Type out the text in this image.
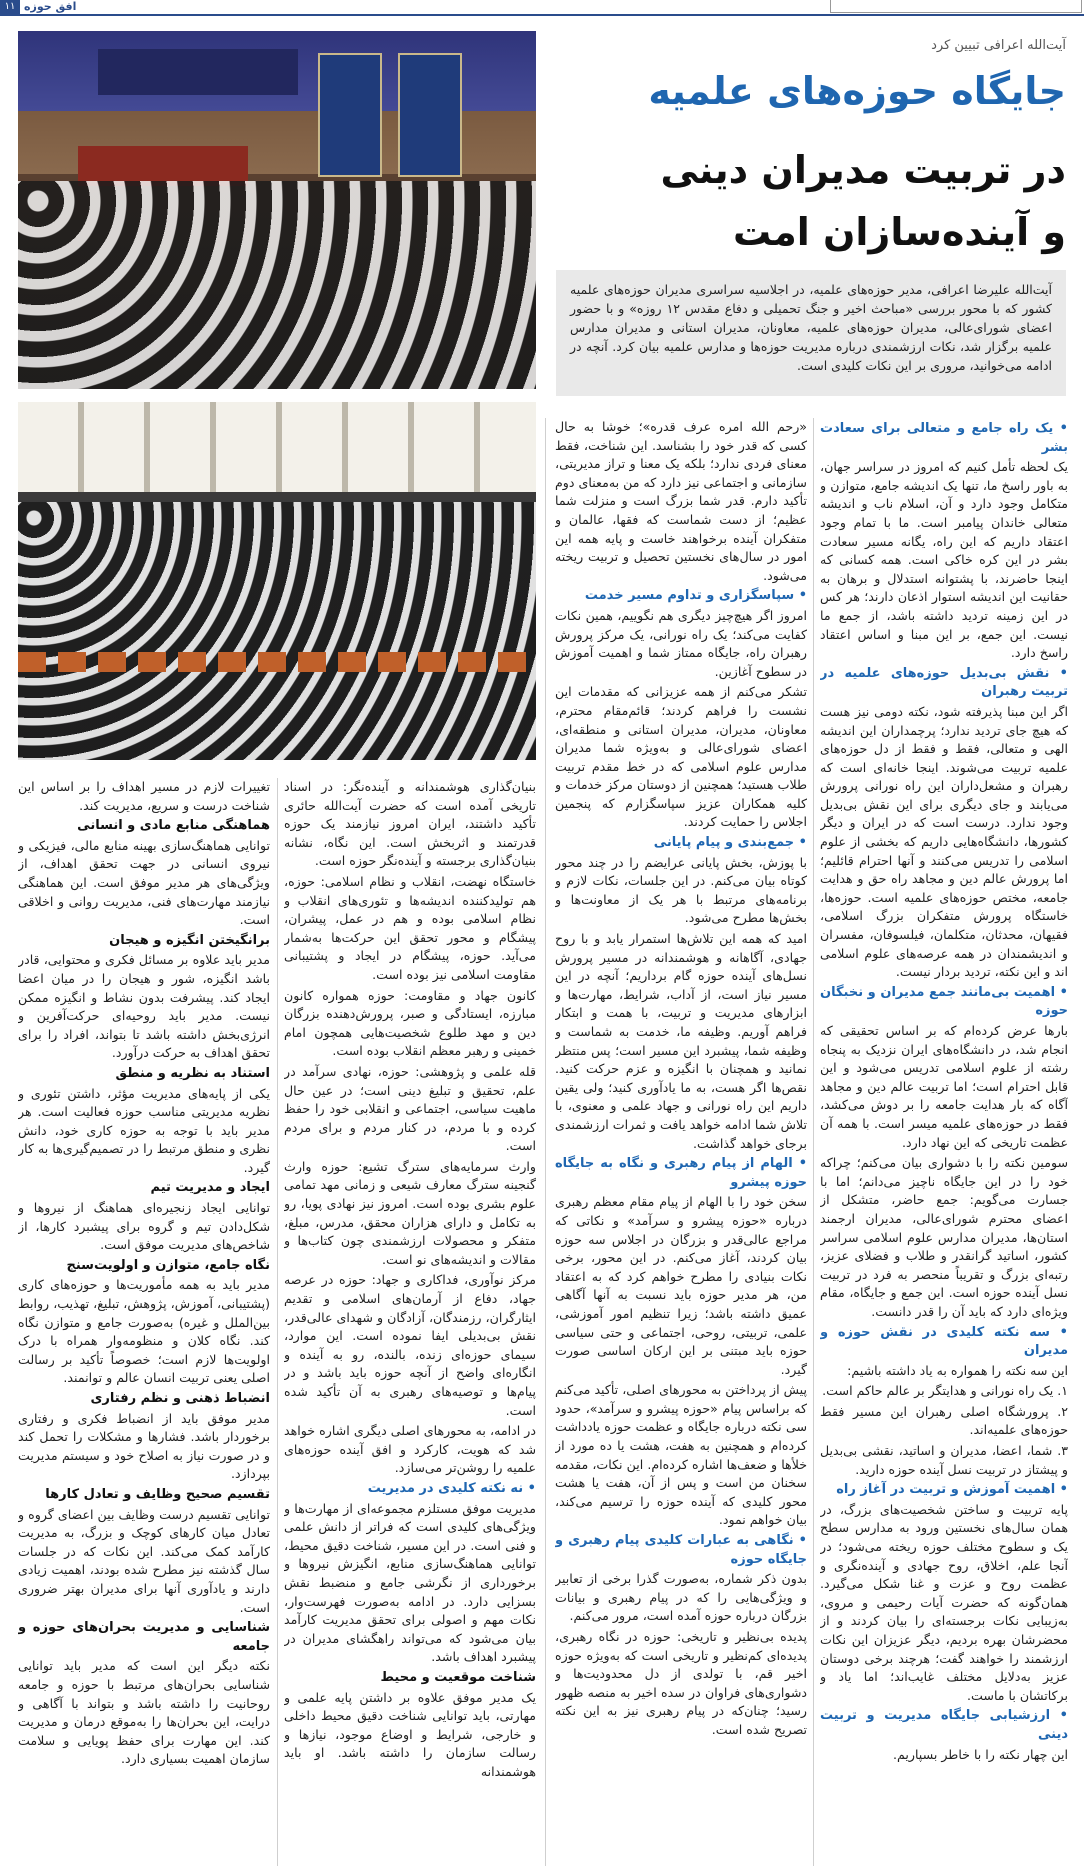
۱۱ افق حوزه
آیت‌الله اعرافی تبیین کرد
جایگاه حوزه‌های علمیه
در تربیت مدیران دینی
و آینده‌سازان امت
آیت‌الله علیرضا اعرافی، مدیر حوزه‌های علمیه، در اجلاسیه سراسری مدیران حوزه‌های علمیه کشور که با محور بررسی «مباحث اخیر و جنگ تحمیلی و دفاع مقدس ۱۲ روزه» و با حضور اعضای شورای‌عالی، مدیران حوزه‌های علمیه، معاونان، مدیران استانی و مدیران مدارس علمیه برگزار شد، نکات ارزشمندی درباره مدیریت حوزه‌ها و مدارس علمیه بیان کرد. آنچه در ادامه می‌خوانید، مروری بر این نکات کلیدی است.

• یک راه جامع و متعالی برای سعادت بشر

یک لحظه تأمل کنیم که امروز در سراسر جهان، به باور راسخ ما، تنها یک اندیشه جامع، متوازن و متکامل وجود دارد و آن، اسلام ناب و اندیشه متعالی خاندان پیامبر است. ما با تمام وجود اعتقاد داریم که این راه، یگانه مسیر سعادت بشر در این کره خاکی است. همه کسانی که اینجا حاضرند، با پشتوانه استدلال و برهان به حقانیت این اندیشه استوار اذعان دارند؛ هر کس در این زمینه تردید داشته باشد، از جمع ما نیست. این جمع، بر این مبنا و اساس اعتقاد راسخ دارد.

• نقش بی‌بدیل حوزه‌های علمیه در تربیت رهبران

اگر این مبنا پذیرفته شود، نکته دومی نیز هست که هیچ جای تردید ندارد؛ پرچمداران این اندیشه الهی و متعالی، فقط و فقط از دل حوزه‌های علمیه تربیت می‌شوند. اینجا خانه‌ای است که رهبران و مشعل‌داران این راه نورانی پرورش می‌یابند و جای دیگری برای این نقش بی‌بدیل وجود ندارد. درست است که در ایران و دیگر کشورها، دانشگاه‌هایی داریم که بخشی از علوم اسلامی را تدریس می‌کنند و آنها احترام قائلیم؛ اما پرورش عالم دین و مجاهد راه حق و هدایت جامعه، مختص حوزه‌های علمیه است. حوزه‌ها، خاستگاه پرورش متفکران بزرگ اسلامی، فقیهان، محدثان، متکلمان، فیلسوفان، مفسران و اندیشمندان در همه عرصه‌های علوم اسلامی اند و این نکته، تردید بردار نیست.

• اهمیت بی‌مانند جمع مدیران و نخبگان حوزه

بارها عرض کرده‌ام که بر اساس تحقیقی که انجام شد، در دانشگاه‌های ایران نزدیک به پنجاه رشته از علوم اسلامی تدریس می‌شود و این قابل احترام است؛ اما تربیت عالم دین و مجاهد آگاه که بار هدایت جامعه را بر دوش می‌کشد، فقط در حوزه‌های علمیه میسر است. با همه آن عظمت تاریخی که این نهاد دارد.

سومین نکته را با دشواری بیان می‌کنم؛ چراکه خود را در این جایگاه ناچیز می‌دانم؛ اما با جسارت می‌گویم: جمع حاضر، متشکل از اعضای محترم شورای‌عالی، مدیران ارجمند استان‌ها، مدیران مدارس علوم اسلامی سراسر کشور، اساتید گرانقدر و طلاب و فضلای عزیز، رتبه‌ای بزرگ و تقریباً منحصر به فرد در تربیت نسل آینده حوزه است. این جمع و جایگاه، مقام ویژه‌ای دارد که باید آن را قدر دانست.

• سه نکته کلیدی در نقش حوزه و مدیران

این سه نکته را همواره به یاد داشته باشیم:

۱. یک راه نورانی و هدایتگر بر عالم حاکم است.

۲. پرورشگاه اصلی رهبران این مسیر فقط حوزه‌های علمیه‌اند.

۳. شما، اعضا، مدیران و اساتید، نقشی بی‌بدیل و پیشتاز در تربیت نسل آینده حوزه دارید.

• اهمیت آموزش و تربیت در آغاز راه

پایه تربیت و ساختن شخصیت‌های بزرگ، در همان سال‌های نخستین ورود به مدارس سطح یک و سطوح مختلف حوزه ریخته می‌شود؛ در آنجا علم، اخلاق، روح جهادی و آینده‌نگری و عظمت روح و عزت و غنا شکل می‌گیرد. همان‌گونه که حضرت آیات رحیمی و مروی، به‌زیبایی نکات برجسته‌ای را بیان کردند و از محضرشان بهره بردیم، دیگر عزیزان این نکات ارزشمند را خواهند گفت؛ هرچند برخی دوستان عزیز به‌دلایل مختلف غایب‌اند؛ اما یاد و برکاتشان با ماست.

• ارزشیابی جایگاه مدیریت و تربیت دینی

این چهار نکته را با خاطر بسپاریم.

«رحم الله امره عرف قدره»؛ خوشا به حال کسی که قدر خود را بشناسد. این شناخت، فقط معنای فردی ندارد؛ بلکه یک معنا و تراز مدیریتی، سازمانی و اجتماعی نیز دارد که من به‌معنای دوم تأکید دارم. قدر شما بزرگ است و منزلت شما عظیم؛ از دست شماست که فقها، عالمان و متفکران آینده برخواهند خاست و پایه همه این امور در سال‌های نخستین تحصیل و تربیت ریخته می‌شود.

• سپاسگزاری و تداوم مسیر خدمت

امروز اگر هیچ‌چیز دیگری هم نگوییم، همین نکات کفایت می‌کند؛ یک راه نورانی، یک مرکز پرورش رهبران راه، جایگاه ممتاز شما و اهمیت آموزش در سطوح آغازین.

تشکر می‌کنم از همه عزیزانی که مقدمات این نشست را فراهم کردند؛ قائم‌مقام محترم، معاونان، مدیران، مدیران استانی و منطقه‌ای، اعضای شورای‌عالی و به‌ویژه شما مدیران مدارس علوم اسلامی که در خط مقدم تربیت طلاب هستید؛ همچنین از دوستان مرکز خدمات و کلیه همکاران عزیز سپاسگزارم که پنجمین اجلاس را حمایت کردند.

• جمع‌بندی و پیام پایانی

با پوزش، بخش پایانی عرایضم را در چند محور کوتاه بیان می‌کنم. در این جلسات، نکات لازم و برنامه‌های مرتبط با هر یک از معاونت‌ها و بخش‌ها مطرح می‌شود.

امید که همه این تلاش‌ها استمرار یابد و با روح جهادی، آگاهانه و هوشمندانه در مسیر پرورش نسل‌های آینده حوزه گام برداریم؛ آنچه در این مسیر نیاز است، از آداب، شرایط، مهارت‌ها و ابزارهای مدیریت و تربیت، با همت و ابتکار فراهم آوریم. وظیفه ما، خدمت به شماست و وظیفه شما، پیشبرد این مسیر است؛ پس منتظر نمانید و همچنان با انگیزه و عزم حرکت کنید. نقص‌ها اگر هست، به ما یادآوری کنید؛ ولی یقین داریم این راه نورانی و جهاد علمی و معنوی، با تلاش شما ادامه خواهد یافت و ثمرات ارزشمندی برجای خواهد گذاشت.

• الهام از پیام رهبری و نگاه به جایگاه حوزه پیشرو

سخن خود را با الهام از پیام مقام معظم رهبری درباره «حوزه پیشرو و سرآمد» و نکاتی که مراجع عالی‌قدر و بزرگان در اجلاس سه حوزه بیان کردند، آغاز می‌کنم. در این محور، برخی نکات بنیادی را مطرح خواهم کرد که به اعتقاد من، هر مدیر حوزه باید نسبت به آنها آگاهی عمیق داشته باشد؛ زیرا تنظیم امور آموزشی، علمی، تربیتی، روحی، اجتماعی و حتی سیاسی حوزه باید مبتنی بر این ارکان اساسی صورت گیرد.

پیش از پرداختن به محورهای اصلی، تأکید می‌کنم که براساس پیام «حوزه پیشرو و سرآمد»، حدود سی نکته درباره جایگاه و عظمت حوزه یادداشت کرده‌ام و همچنین به هفت، هشت یا ده مورد از خلأها و ضعف‌ها اشاره کرده‌ام. این نکات، مقدمه سخنان من است و پس از آن، هفت یا هشت محور کلیدی که آینده حوزه را ترسیم می‌کند، بیان خواهم نمود.

• نگاهی به عبارات کلیدی پیام رهبری و جایگاه حوزه

بدون ذکر شماره، به‌صورت گذرا برخی از تعابیر و ویژگی‌هایی را که در پیام رهبری و بیانات بزرگان درباره حوزه آمده است، مرور می‌کنم.

پدیده بی‌نظیر و تاریخی: حوزه در نگاه رهبری، پدیده‌ای کم‌نظیر و تاریخی است که به‌ویژه حوزه اخیر قم، با تولدی از دل محدودیت‌ها و دشواری‌های فراوان در سده اخیر به منصه ظهور رسید؛ چنان‌که در پیام رهبری نیز به این نکته تصریح شده است.

بنیان‌گذاری هوشمندانه و آینده‌نگر: در اسناد تاریخی آمده است که حضرت آیت‌الله حائری تأکید داشتند، ایران امروز نیازمند یک حوزه قدرتمند و اثربخش است. این نگاه، نشانه بنیان‌گذاری برجسته و آینده‌نگر حوزه است.

خاستگاه نهضت، انقلاب و نظام اسلامی: حوزه، هم تولیدکننده اندیشه‌ها و تئوری‌های انقلاب و نظام اسلامی بوده و هم در عمل، پیشران، پیشگام و محور تحقق این حرکت‌ها به‌شمار می‌آید. حوزه، پیشگام در ایجاد و پشتیبانی مقاومت اسلامی نیز بوده است.

کانون جهاد و مقاومت: حوزه همواره کانون مبارزه، ایستادگی و صبر، پرورش‌دهنده بزرگان دین و مهد طلوع شخصیت‌هایی همچون امام خمینی و رهبر معظم انقلاب بوده است.

قله علمی و پژوهشی: حوزه، نهادی سرآمد در علم، تحقیق و تبلیغ دینی است؛ در عین حال ماهیت سیاسی، اجتماعی و انقلابی خود را حفظ کرده و با مردم، در کنار مردم و برای مردم است.

وارث سرمایه‌های سترگ تشیع: حوزه وارث گنجینه سترگ معارف شیعی و زمانی مهد تمامی علوم بشری بوده است. امروز نیز نهادی پویا، رو به تکامل و دارای هزاران محقق، مدرس، مبلغ، متفکر و محصولات ارزشمندی چون کتاب‌ها و مقالات و اندیشه‌های نو است.

مرکز نوآوری، فداکاری و جهاد: حوزه در عرصه جهاد، دفاع از آرمان‌های اسلامی و تقدیم ایثارگران، رزمندگان، آزادگان و شهدای عالی‌قدر، نقش بی‌بدیلی ایفا نموده است. این موارد، سیمای حوزه‌ای زنده، بالنده، رو به آینده و انگاره‌ای واضح از آنچه حوزه باید باشد و در پیام‌ها و توصیه‌های رهبری به آن تأکید شده است.

در ادامه، به محورهای اصلی دیگری اشاره خواهد شد که هویت، کارکرد و افق آینده حوزه‌های علمیه را روشن‌تر می‌سازد.

• نه نکته کلیدی در مدیریت

مدیریت موفق مستلزم مجموعه‌ای از مهارت‌ها و ویژگی‌های کلیدی است که فراتر از دانش علمی و فنی است. در این مسیر، شناخت دقیق محیط، توانایی هماهنگ‌سازی منابع، انگیزش نیروها و برخورداری از نگرشی جامع و منضبط نقش بسزایی دارد. در ادامه به‌صورت فهرست‌وار، نکات مهم و اصولی برای تحقق مدیریت کارآمد بیان می‌شود که می‌تواند راهگشای مدیران در پیشبرد اهداف باشد.

شناخت موقعیت و محیط

یک مدیر موفق علاوه بر داشتن پایه علمی و مهارتی، باید توانایی شناخت دقیق محیط داخلی و خارجی، شرایط و اوضاع موجود، نیازها و رسالت سازمان را داشته باشد. او باید هوشمندانه

تغییرات لازم در مسیر اهداف را بر اساس این شناخت درست و سریع، مدیریت کند.

هماهنگی منابع مادی و انسانی

توانایی هماهنگ‌سازی بهینه منابع مالی، فیزیکی و نیروی انسانی در جهت تحقق اهداف، از ویژگی‌های هر مدیر موفق است. این هماهنگی نیازمند مهارت‌های فنی، مدیریت روانی و اخلاقی است.

برانگیختن انگیزه و هیجان

مدیر باید علاوه بر مسائل فکری و محتوایی، قادر باشد انگیزه، شور و هیجان را در میان اعضا ایجاد کند. پیشرفت بدون نشاط و انگیزه ممکن نیست. مدیر باید روحیه‌ای حرکت‌آفرین و انرژی‌بخش داشته باشد تا بتواند، افراد را برای تحقق اهداف به حرکت درآورد.

استناد به نظریه و منطق

یکی از پایه‌های مدیریت مؤثر، داشتن تئوری و نظریه مدیریتی مناسب حوزه فعالیت است. هر مدیر باید با توجه به حوزه کاری خود، دانش نظری و منطق مرتبط را در تصمیم‌گیری‌ها به کار گیرد.

ایجاد و مدیریت تیم

توانایی ایجاد زنجیره‌ای هماهنگ از نیروها و شکل‌دادن تیم و گروه برای پیشبرد کارها، از شاخص‌های مدیریت موفق است.

نگاه جامع، متوازن و اولویت‌سنج

مدیر باید به همه مأموریت‌ها و حوزه‌های کاری (پشتیبانی، آموزش، پژوهش، تبلیغ، تهذیب، روابط بین‌الملل و غیره) به‌صورت جامع و متوازن نگاه کند. نگاه کلان و منظومه‌وار همراه با درک اولویت‌ها لازم است؛ خصوصاً تأکید بر رسالت اصلی یعنی تربیت انسان عالم و توانمند.

انضباط ذهنی و نظم رفتاری

مدیر موفق باید از انضباط فکری و رفتاری برخوردار باشد. فشارها و مشکلات را تحمل کند و در صورت نیاز به اصلاح خود و سیستم مدیریت بپردازد.

تقسیم صحیح وظایف و تعادل کارها

توانایی تقسیم درست وظایف بین اعضای گروه و تعادل میان کارهای کوچک و بزرگ، به مدیریت کارآمد کمک می‌کند. این نکات که در جلسات سال گذشته نیز مطرح شده بودند، اهمیت زیادی دارند و یادآوری آنها برای مدیران بهتر ضروری است.

شناسایی و مدیریت بحران‌های حوزه و جامعه

نکته دیگر این است که مدیر باید توانایی شناسایی بحران‌های مرتبط با حوزه و جامعه روحانیت را داشته باشد و بتواند با آگاهی و درایت، این بحران‌ها را به‌موقع درمان و مدیریت کند. این مهارت برای حفظ پویایی و سلامت سازمان اهمیت بسیاری دارد.
